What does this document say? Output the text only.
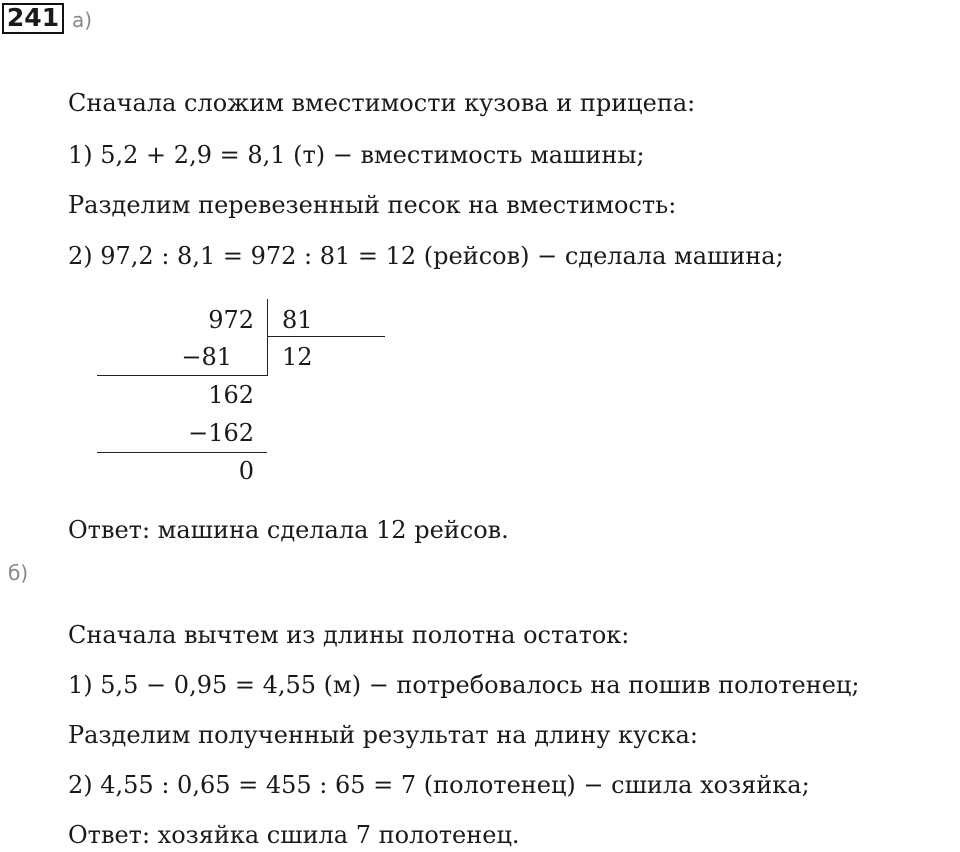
241 а)
Сначала сложим вместимости кузова и прицепа:
1) 5,2 + 2,9 = 8,1 (т) − вместимость машины;
Разделим перевезенный песок на вместимость:
2) 97,2 : 8,1 = 972 : 81 = 12 (рейсов) − сделала машина;
972 81
−81 12
162
−162
0
Ответ: машина сделала 12 рейсов.
б)
Сначала вычтем из длины полотна остаток:
1) 5,5 − 0,95 = 4,55 (м) − потребовалось на пошив полотенец;
Разделим полученный результат на длину куска:
2) 4,55 : 0,65 = 455 : 65 = 7 (полотенец) − сшила хозяйка;
Ответ: хозяйка сшила 7 полотенец.
